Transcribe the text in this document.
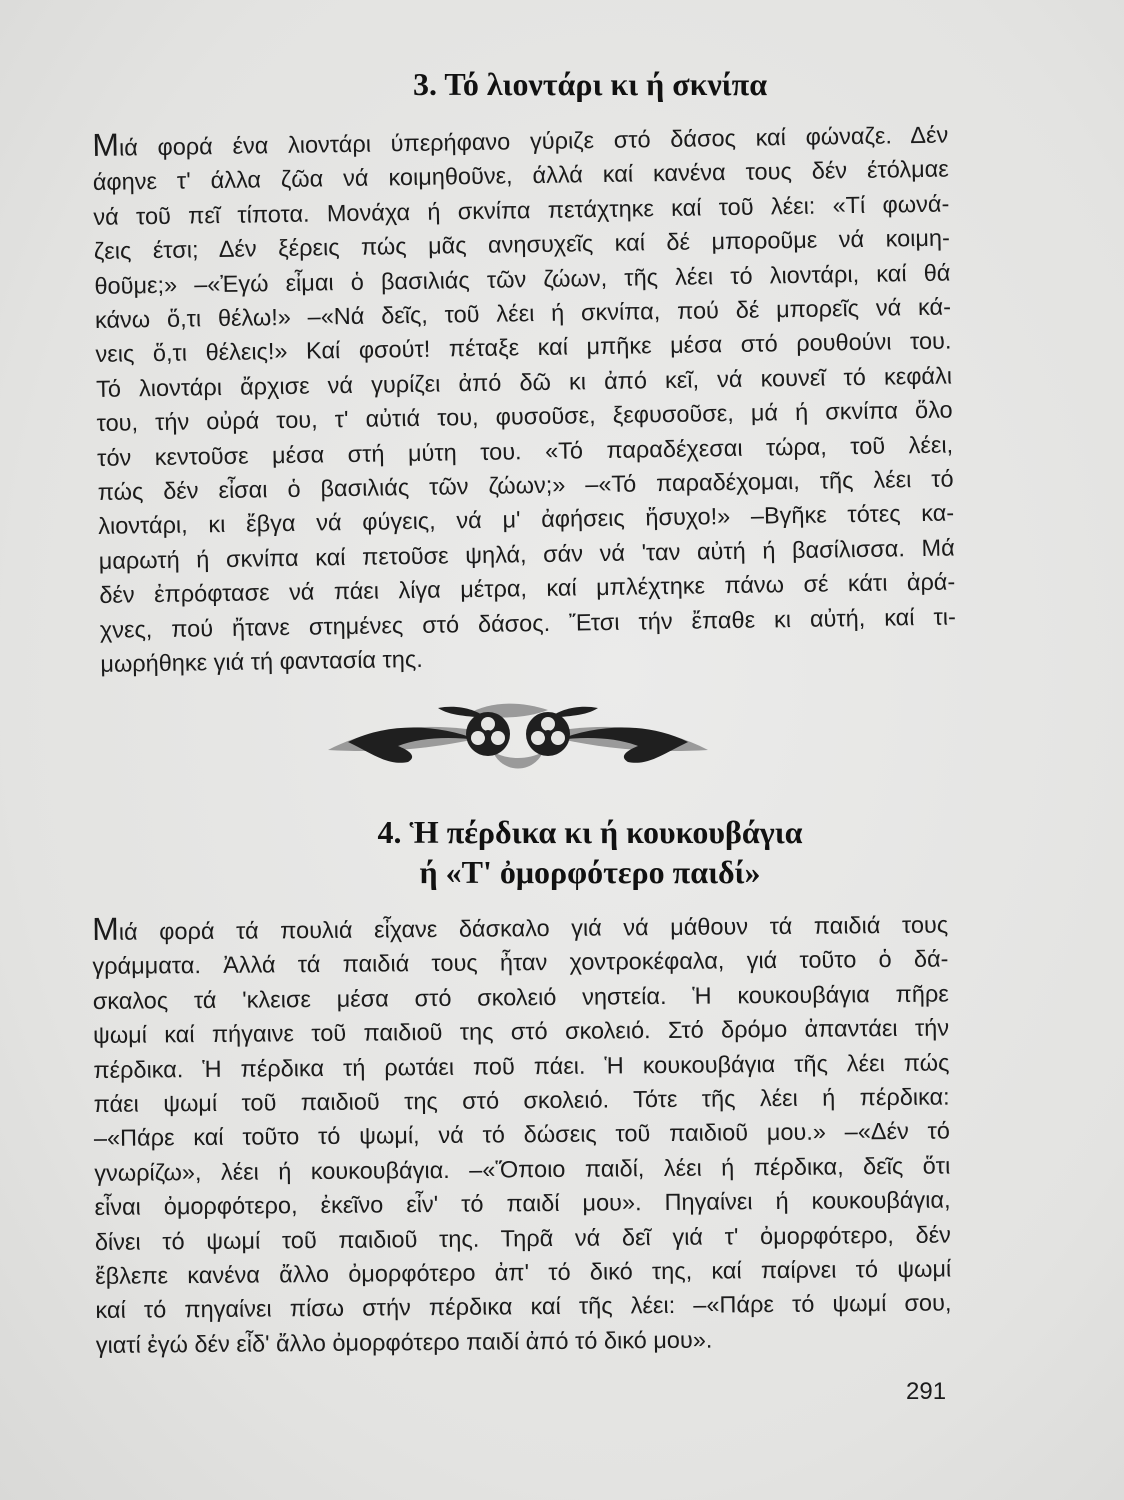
3. Τό λιοντάρι κι ή σκνίπα
Μιά φορά ένα λιοντάρι ύπερήφανο γύριζε στό δάσος καί φώναζε. Δέν
άφηνε τ' άλλα ζῶα νά κοιμηθοῦνε, άλλά καί κανένα τους δέν έτόλμαε
νά τοῦ πεῖ τίποτα. Μονάχα ή σκνίπα πετάχτηκε καί τοῦ λέει: «Τί φωνά-
ζεις έτσι; Δέν ξέρεις πώς μᾶς ανησυχεῖς καί δέ μποροῦμε νά κοιμη-
θοῦμε;» –«Ἐγώ εἶμαι ὁ βασιλιάς τῶν ζώων, τῆς λέει τό λιοντάρι, καί θά
κάνω ὅ,τι θέλω!» –«Νά δεῖς, τοῦ λέει ή σκνίπα, πού δέ μπορεῖς νά κά-
νεις ὅ,τι θέλεις!» Καί φσούτ! πέταξε καί μπῆκε μέσα στό ρουθούνι του.
Τό λιοντάρι ἄρχισε νά γυρίζει ἀπό δῶ κι ἀπό κεῖ, νά κουνεῖ τό κεφάλι
του, τήν οὐρά του, τ' αὐτιά του, φυσοῦσε, ξεφυσοῦσε, μά ή σκνίπα ὅλο
τόν κεντοῦσε μέσα στή μύτη του. «Τό παραδέχεσαι τώρα, τοῦ λέει,
πώς δέν εἶσαι ὁ βασιλιάς τῶν ζώων;» –«Τό παραδέχομαι, τῆς λέει τό
λιοντάρι, κι ἔβγα νά φύγεις, νά μ' ἀφήσεις ἥσυχο!» –Βγῆκε τότες κα-
μαρωτή ή σκνίπα καί πετοῦσε ψηλά, σάν νά 'ταν αὐτή ή βασίλισσα. Μά
δέν ἐπρόφτασε νά πάει λίγα μέτρα, καί μπλέχτηκε πάνω σέ κάτι ἀρά-
χνες, πού ἤτανε στημένες στό δάσος. Ἔτσι τήν ἔπαθε κι αὐτή, καί τι-
μωρήθηκε γιά τή φαντασία της.
4. Ἡ πέρδικα κι ή κουκουβάγια
ή «Τ' ὀμορφότερο παιδί»
Μιά φορά τά πουλιά εἶχανε δάσκαλο γιά νά μάθουν τά παιδιά τους
γράμματα. Ἀλλά τά παιδιά τους ἦταν χοντροκέφαλα, γιά τοῦτο ὁ δά-
σκαλος τά 'κλεισε μέσα στό σκολειό νηστεία. Ἡ κουκουβάγια πῆρε
ψωμί καί πήγαινε τοῦ παιδιοῦ της στό σκολειό. Στό δρόμο ἀπαντάει τήν
πέρδικα. Ἡ πέρδικα τή ρωτάει ποῦ πάει. Ἡ κουκουβάγια τῆς λέει πώς
πάει ψωμί τοῦ παιδιοῦ της στό σκολειό. Τότε τῆς λέει ή πέρδικα:
–«Πάρε καί τοῦτο τό ψωμί, νά τό δώσεις τοῦ παιδιοῦ μου.» –«Δέν τό
γνωρίζω», λέει ή κουκουβάγια. –«Ὅποιο παιδί, λέει ή πέρδικα, δεῖς ὅτι
εἶναι ὀμορφότερο, ἐκεῖνο εἶν' τό παιδί μου». Πηγαίνει ή κουκουβάγια,
δίνει τό ψωμί τοῦ παιδιοῦ της. Τηρᾶ νά δεῖ γιά τ' ὀμορφότερο, δέν
ἔβλεπε κανένα ἄλλο ὀμορφότερο ἀπ' τό δικό της, καί παίρνει τό ψωμί
καί τό πηγαίνει πίσω στήν πέρδικα καί τῆς λέει: –«Πάρε τό ψωμί σου,
γιατί ἐγώ δέν εἶδ' ἄλλο ὀμορφότερο παιδί ἀπό τό δικό μου».
291
